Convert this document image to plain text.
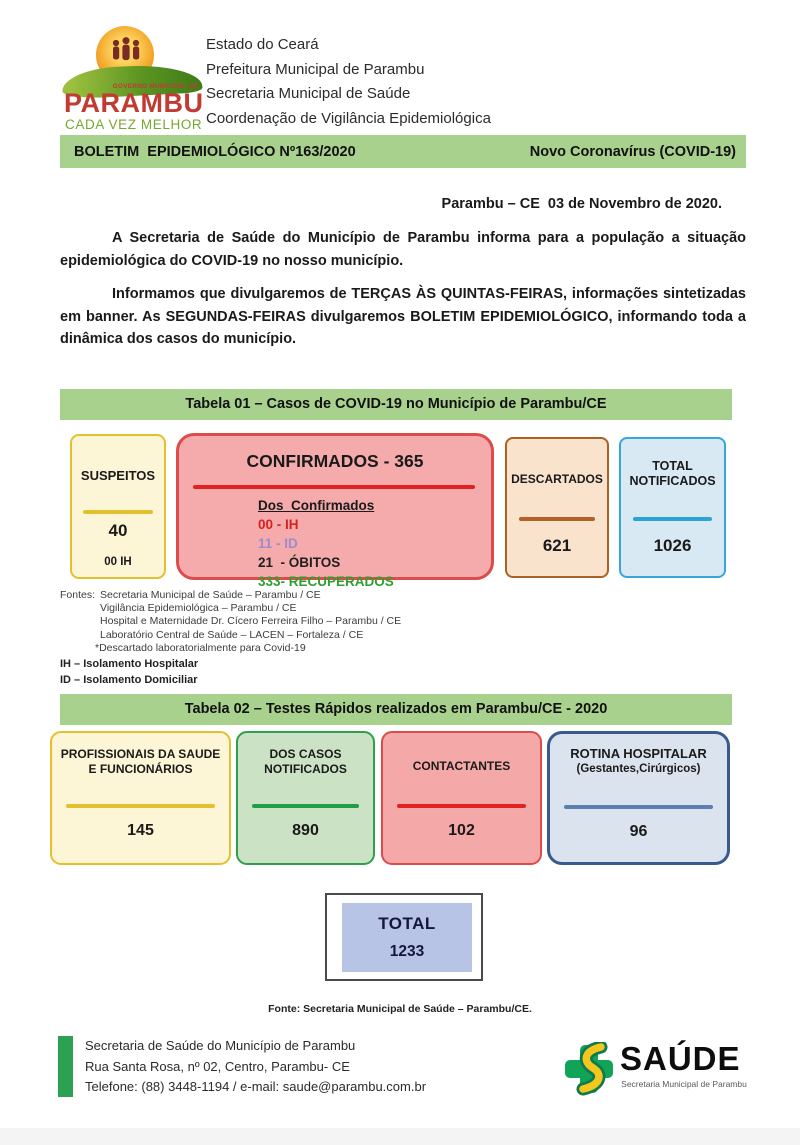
GOVERNO MUNICIPAL DE
PARAMBU
CADA VEZ MELHOR
Estado do Ceará
Prefeitura Municipal de Parambu
Secretaria Municipal de Saúde
Coordenação de Vigilância Epidemiológica
BOLETIM  EPIDEMIOLÓGICO Nº163/2020	Novo Coronavírus (COVID-19)
Parambu – CE  03 de Novembro de 2020.
A Secretaria de Saúde do Município de Parambu informa para a população a situação epidemiológica do COVID-19 no nosso município.
Informamos que divulgaremos de TERÇAS ÀS QUINTAS-FEIRAS, informações sintetizadas em banner. As SEGUNDAS-FEIRAS divulgaremos BOLETIM EPIDEMIOLÓGICO, informando toda a dinâmica dos casos do município.
Tabela 01 – Casos de COVID-19 no Município de Parambu/CE
SUSPEITOS
40
00 IH
CONFIRMADOS - 365
Dos  Confirmados
00 - IH
11 - ID
21  - ÓBITOS
333- RECUPERADOS
DESCARTADOS
621
TOTAL NOTIFICADOS
1026
Fontes: Secretaria Municipal de Saúde – Parambu / CE
Vigilância Epidemiológica – Parambu / CE
Hospital e Maternidade Dr. Cícero Ferreira Filho – Parambu / CE
Laboratório Central de Saúde – LACEN – Fortaleza / CE
*Descartado laboratorialmente para Covid-19
IH – Isolamento Hospitalar
ID – Isolamento Domiciliar
Tabela 02 – Testes Rápidos realizados em Parambu/CE - 2020
PROFISSIONAIS DA SAUDE E FUNCIONÁRIOS
145
DOS CASOS NOTIFICADOS
890
CONTACTANTES
102
ROTINA HOSPITALAR
(Gestantes,Cirúrgicos)
96
TOTAL
1233
Fonte: Secretaria Municipal de Saúde – Parambu/CE.
Secretaria de Saúde do Município de Parambu
Rua Santa Rosa, nº 02, Centro, Parambu- CE
Telefone: (88) 3448-1194 / e-mail: saude@parambu.com.br
SAÚDE
Secretaria Municipal de Parambu
